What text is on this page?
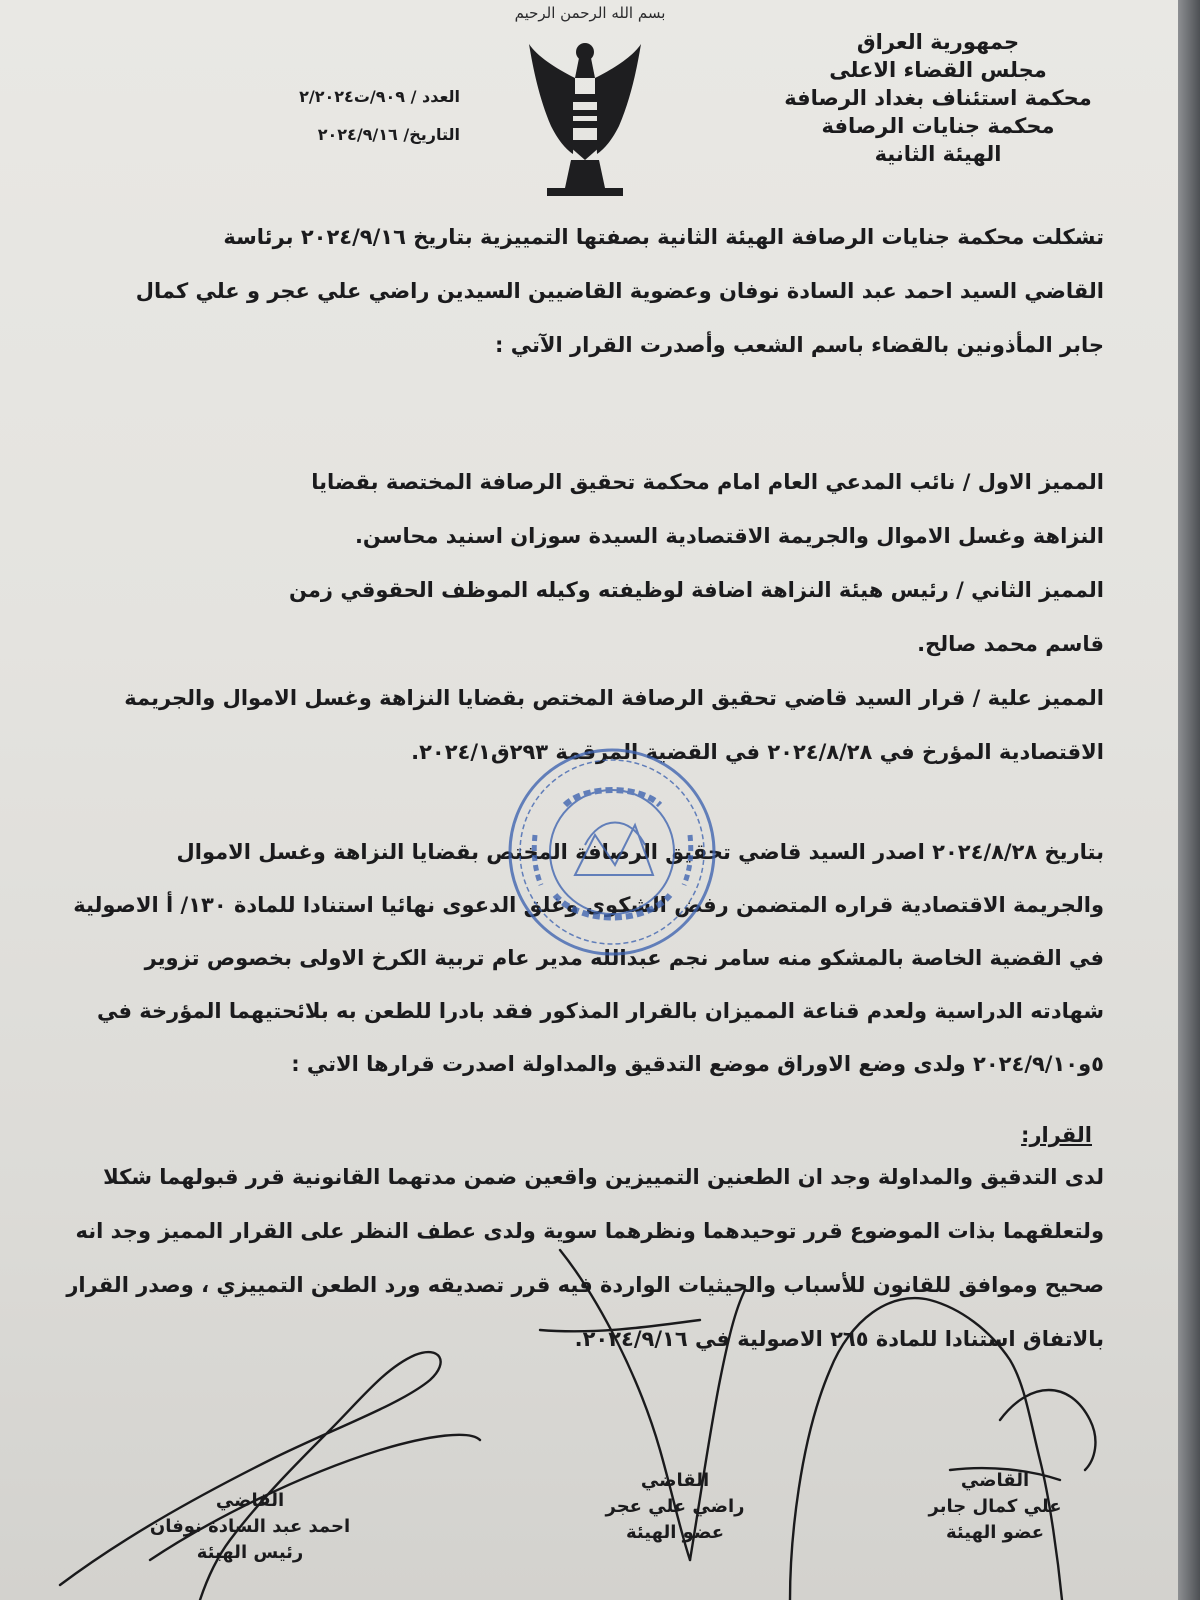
بسم الله الرحمن الرحيم
جمهورية العراق
مجلس القضاء الاعلى
محكمة استئناف بغداد الرصافة
محكمة جنايات الرصافة
الهيئة الثانية
العدد / ٩٠٩/ت٢/٢٠٢٤
التاريخ/ ٢٠٢٤/٩/١٦
تشكلت محكمة جنايات الرصافة الهيئة الثانية بصفتها التمييزية بتاريخ ٢٠٢٤/٩/١٦ برئاسة
القاضي السيد احمد عبد السادة نوفان وعضوية القاضيين السيدين راضي علي عجر و علي كمال
جابر المأذونين بالقضاء باسم الشعب وأصدرت القرار الآتي :
المميز الاول / نائب المدعي العام امام محكمة تحقيق الرصافة المختصة بقضايا
النزاهة وغسل الاموال والجريمة الاقتصادية السيدة سوزان اسنيد محاسن.
المميز الثاني / رئيس هيئة النزاهة اضافة لوظيفته وكيله الموظف الحقوقي زمن
قاسم محمد صالح.
المميز علية / قرار السيد قاضي تحقيق الرصافة المختص بقضايا النزاهة وغسل الاموال والجريمة
الاقتصادية المؤرخ في ٢٠٢٤/٨/٢٨ في القضية المرقمة ٢٩٣ق٢٠٢٤/١.
بتاريخ ٢٠٢٤/٨/٢٨ اصدر السيد قاضي تحقيق الرصافة المختص بقضايا النزاهة وغسل الاموال
والجريمة الاقتصادية قراره المتضمن رفض الشكوى وغلق الدعوى نهائيا استنادا للمادة ١٣٠/ أ الاصولية
في القضية الخاصة بالمشكو منه سامر نجم عبدالله مدير عام تربية الكرخ الاولى بخصوص تزوير
شهادته الدراسية ولعدم قناعة المميزان بالقرار المذكور فقد بادرا للطعن به بلائحتيهما المؤرخة في
٥و٢٠٢٤/٩/١٠ ولدى وضع الاوراق موضع التدقيق والمداولة اصدرت قرارها الاتي :
القرار:
لدى التدقيق والمداولة وجد ان الطعنين التمييزين واقعين ضمن مدتهما القانونية قرر قبولهما شكلا
ولتعلقهما بذات الموضوع قرر توحيدهما ونظرهما سوية ولدى عطف النظر على القرار المميز وجد انه
صحيح وموافق للقانون للأسباب والحيثيات الواردة فيه قرر تصديقه ورد الطعن التمييزي ، وصدر القرار
بالاتفاق استنادا للمادة ٢٦٥ الاصولية في ٢٠٢٤/٩/١٦.
القاضي
علي كمال جابر
عضو الهيئة
القاضي
راضي علي عجر
عضو الهيئة
القاضي
احمد عبد السادة نوفان
رئيس الهيئة
